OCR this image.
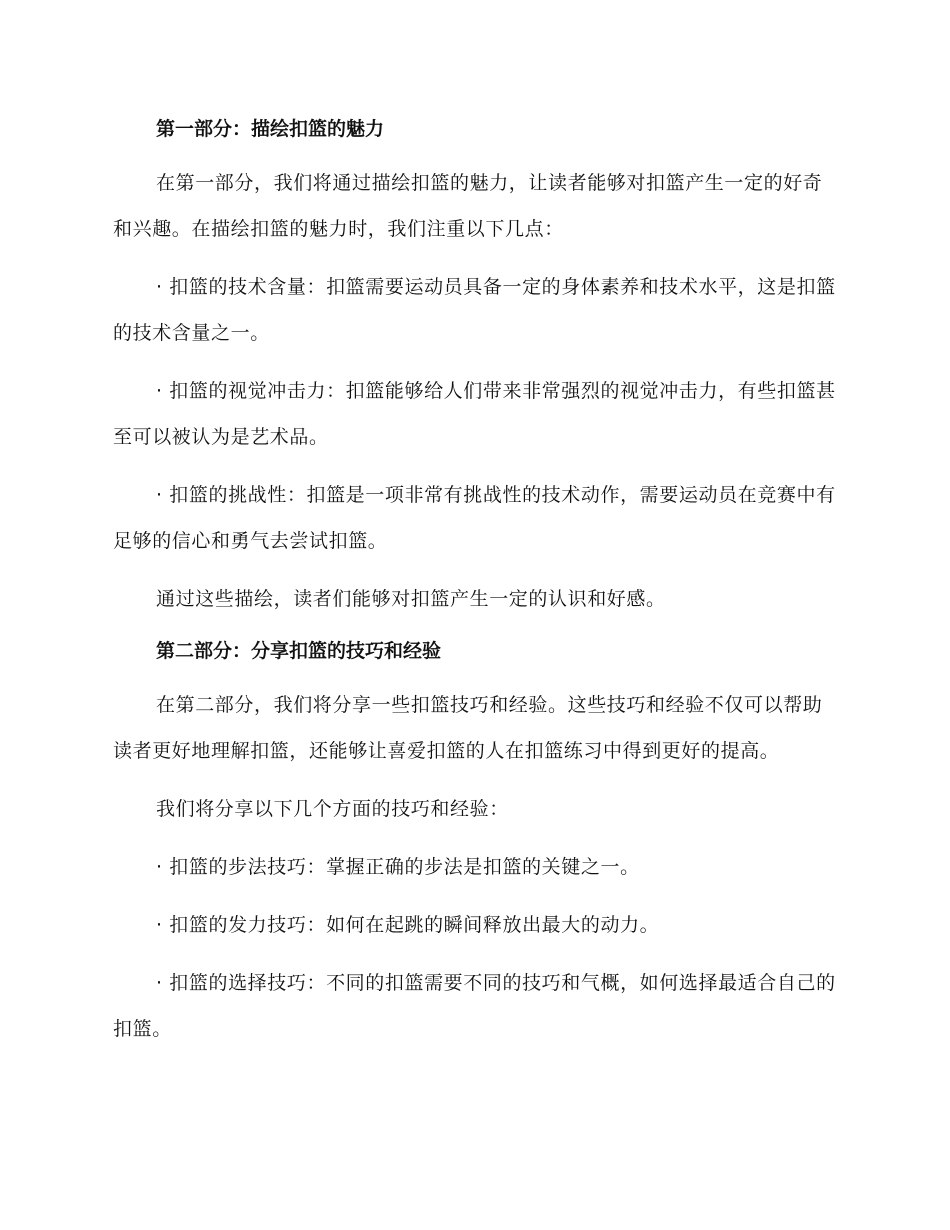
第一部分：描绘扣篮的魅力
在第一部分，我们将通过描绘扣篮的魅力，让读者能够对扣篮产生一定的好奇和兴趣。在描绘扣篮的魅力时，我们注重以下几点：
· 扣篮的技术含量：扣篮需要运动员具备一定的身体素养和技术水平，这是扣篮的技术含量之一。
· 扣篮的视觉冲击力：扣篮能够给人们带来非常强烈的视觉冲击力，有些扣篮甚至可以被认为是艺术品。
· 扣篮的挑战性：扣篮是一项非常有挑战性的技术动作，需要运动员在竞赛中有足够的信心和勇气去尝试扣篮。
通过这些描绘，读者们能够对扣篮产生一定的认识和好感。
第二部分：分享扣篮的技巧和经验
在第二部分，我们将分享一些扣篮技巧和经验。这些技巧和经验不仅可以帮助读者更好地理解扣篮，还能够让喜爱扣篮的人在扣篮练习中得到更好的提高。
我们将分享以下几个方面的技巧和经验：
· 扣篮的步法技巧：掌握正确的步法是扣篮的关键之一。
· 扣篮的发力技巧：如何在起跳的瞬间释放出最大的动力。
· 扣篮的选择技巧：不同的扣篮需要不同的技巧和气概，如何选择最适合自己的扣篮。
